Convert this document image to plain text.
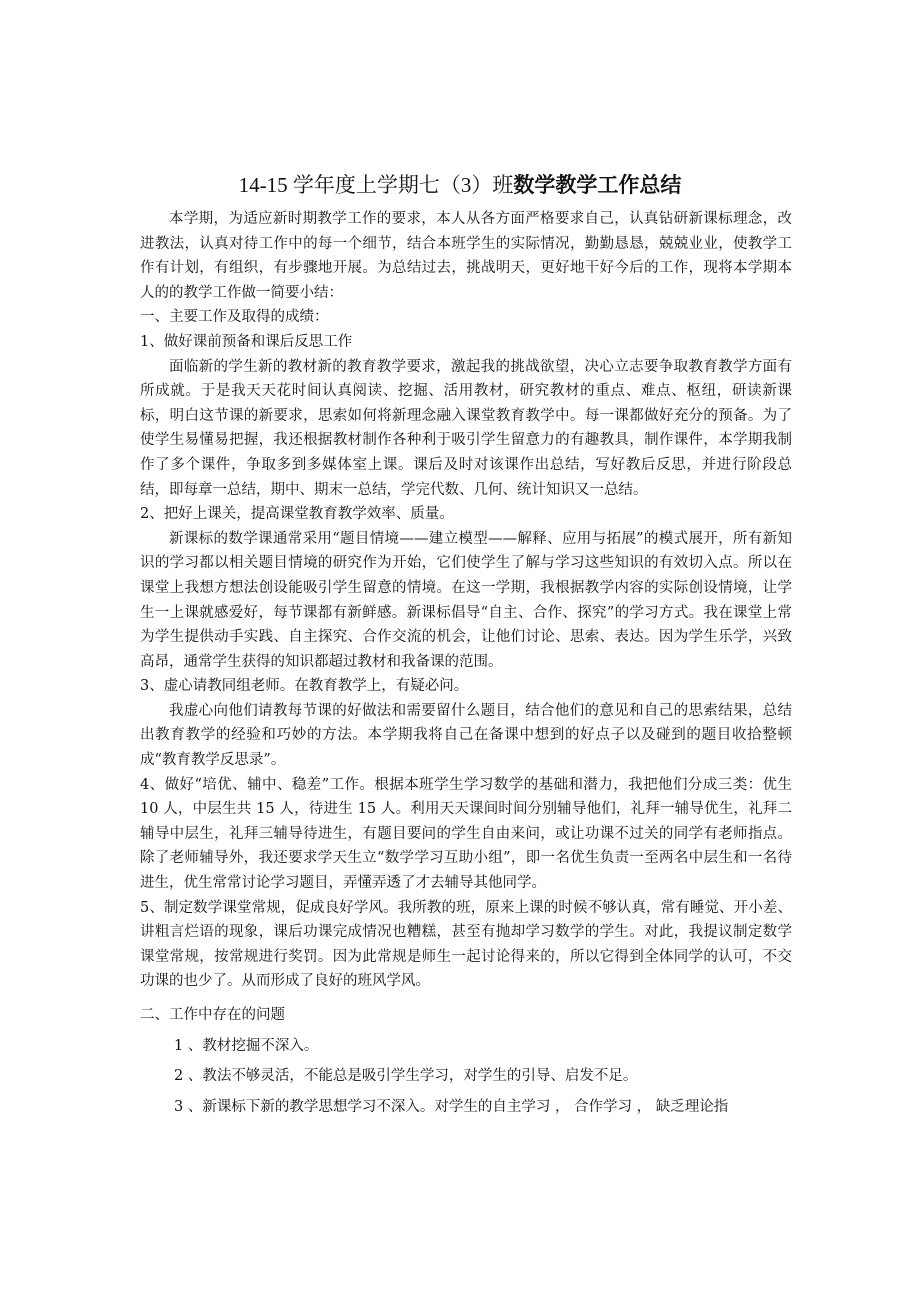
14-15 学年度上学期七（3）班数学教学工作总结

本学期，为适应新时期教学工作的要求，本人从各方面严格要求自己，认真钻研新课标理念，改进教法，认真对待工作中的每一个细节，结合本班学生的实际情况，勤勤恳恳，兢兢业业，使教学工作有计划，有组织，有步骤地开展。为总结过去，挑战明天，更好地干好今后的工作，现将本学期本人的的教学工作做一简要小结：

一、主要工作及取得的成绩：

1、做好课前预备和课后反思工作

面临新的学生新的教材新的教育教学要求，激起我的挑战欲望，决心立志要争取教育教学方面有所成就。于是我天天花时间认真阅读、挖掘、活用教材，研究教材的重点、难点、枢纽，研读新课标，明白这节课的新要求，思索如何将新理念融入课堂教育教学中。每一课都做好充分的预备。为了使学生易懂易把握，我还根据教材制作各种利于吸引学生留意力的有趣教具，制作课件，本学期我制作了多个课件，争取多到多媒体室上课。课后及时对该课作出总结，写好教后反思，并进行阶段总结，即每章一总结，期中、期末一总结，学完代数、几何、统计知识又一总结。

2、把好上课关，提高课堂教育教学效率、质量。

新课标的数学课通常采用“题目情境——建立模型——解释、应用与拓展”的模式展开，所有新知识的学习都以相关题目情境的研究作为开始，它们使学生了解与学习这些知识的有效切入点。所以在课堂上我想方想法创设能吸引学生留意的情境。在这一学期，我根据教学内容的实际创设情境，让学生一上课就感爱好，每节课都有新鲜感。新课标倡导“自主、合作、探究”的学习方式。我在课堂上常为学生提供动手实践、自主探究、合作交流的机会，让他们讨论、思索、表达。因为学生乐学，兴致高昂，通常学生获得的知识都超过教材和我备课的范围。

3、虚心请教同组老师。在教育教学上，有疑必问。

我虚心向他们请教每节课的好做法和需要留什么题目，结合他们的意见和自己的思索结果，总结出教育教学的经验和巧妙的方法。本学期我将自己在备课中想到的好点子以及碰到的题目收拾整顿成“教育教学反思录”。

4、做好“培优、辅中、稳差”工作。根据本班学生学习数学的基础和潜力，我把他们分成三类：优生 10 人，中层生共 15 人，待进生 15 人。利用天天课间时间分别辅导他们，礼拜一辅导优生，礼拜二辅导中层生，礼拜三辅导待进生，有题目要问的学生自由来问，或让功课不过关的同学有老师指点。除了老师辅导外，我还要求学天生立“数学学习互助小组”，即一名优生负责一至两名中层生和一名待进生，优生常常讨论学习题目，弄懂弄透了才去辅导其他同学。

5、制定数学课堂常规，促成良好学风。我所教的班，原来上课的时候不够认真，常有睡觉、开小差、讲粗言烂语的现象，课后功课完成情况也糟糕，甚至有抛却学习数学的学生。对此，我提议制定数学课堂常规，按常规进行奖罚。因为此常规是师生一起讨论得来的，所以它得到全体同学的认可，不交功课的也少了。从而形成了良好的班风学风。

二、工作中存在的问题

1 、教材挖掘不深入。

2 、教法不够灵活，不能总是吸引学生学习，对学生的引导、启发不足。

3 、新课标下新的教学思想学习不深入。对学生的自主学习 ， 合作学习 ， 缺乏理论指
